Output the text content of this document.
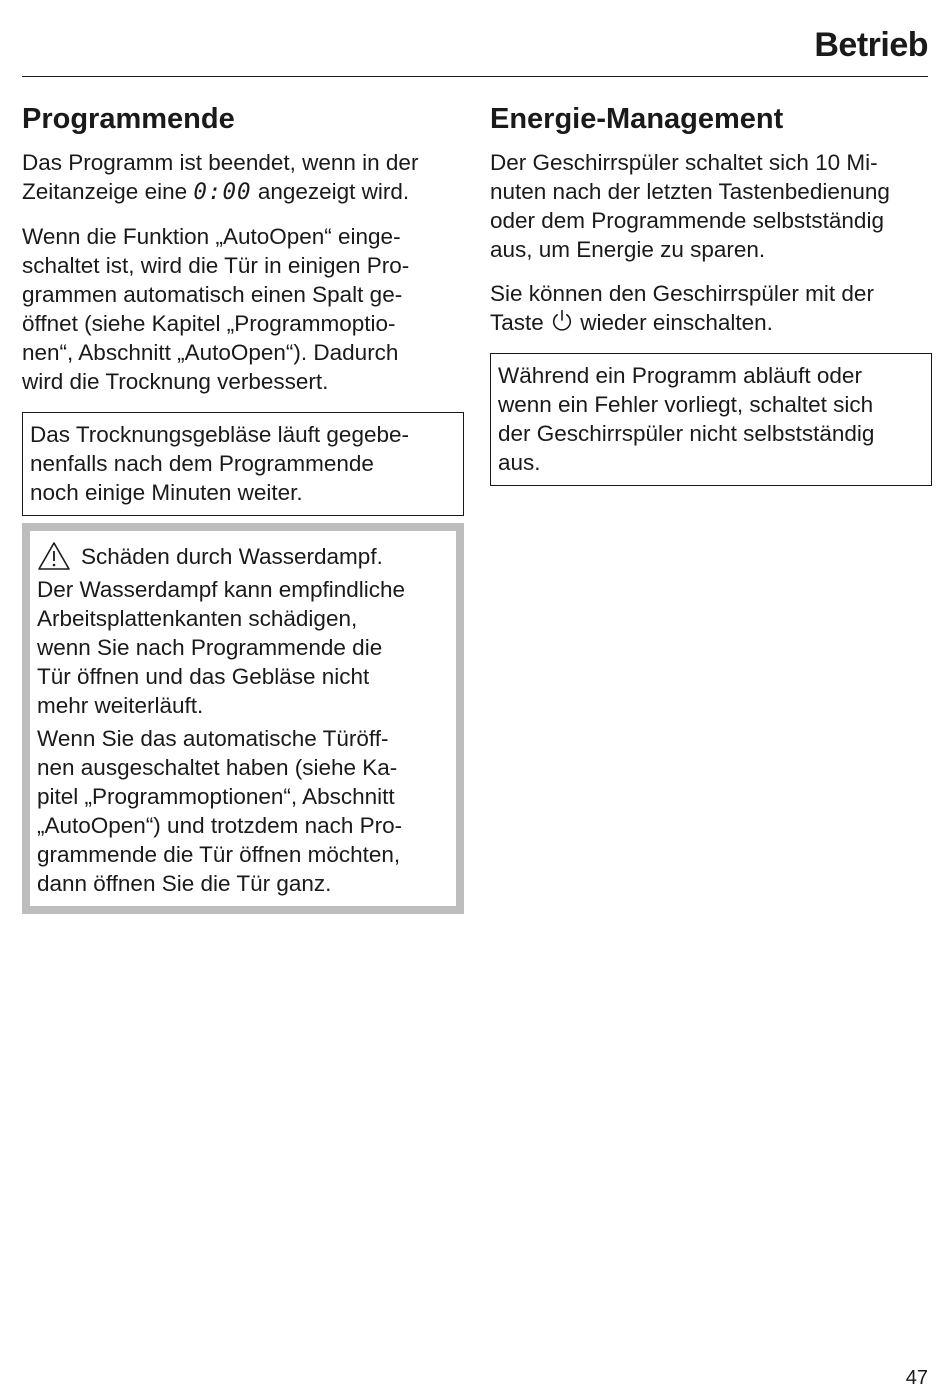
Betrieb
Programmende

Das Programm ist beendet, wenn in der
Zeitanzeige eine 0:00 angezeigt wird.

Wenn die Funktion „AutoOpen“ einge-
schaltet ist, wird die Tür in einigen Pro-
grammen automatisch einen Spalt ge-
öffnet (siehe Kapitel „Programmoptio-
nen“, Abschnitt „AutoOpen“). Dadurch
wird die Trocknung verbessert.

Das Trocknungsgebläse läuft gegebe-
nenfalls nach dem Programmende
noch einige Minuten weiter.

Schäden durch Wasserdampf.

Der Wasserdampf kann empfindliche
Arbeitsplattenkanten schädigen,
wenn Sie nach Programmende die
Tür öffnen und das Gebläse nicht
mehr weiterläuft.

Wenn Sie das automatische Türöff-
nen ausgeschaltet haben (siehe Ka-
pitel „Programmoptionen“, Abschnitt
„AutoOpen“) und trotzdem nach Pro-
grammende die Tür öffnen möchten,
dann öffnen Sie die Tür ganz.

Energie-Management

Der Geschirrspüler schaltet sich 10 Mi-
nuten nach der letzten Tastenbedienung
oder dem Programmende selbstständig
aus, um Energie zu sparen.

Sie können den Geschirrspüler mit der
Taste  wieder einschalten.

Während ein Programm abläuft oder
wenn ein Fehler vorliegt, schaltet sich
der Geschirrspüler nicht selbstständig
aus.

47
